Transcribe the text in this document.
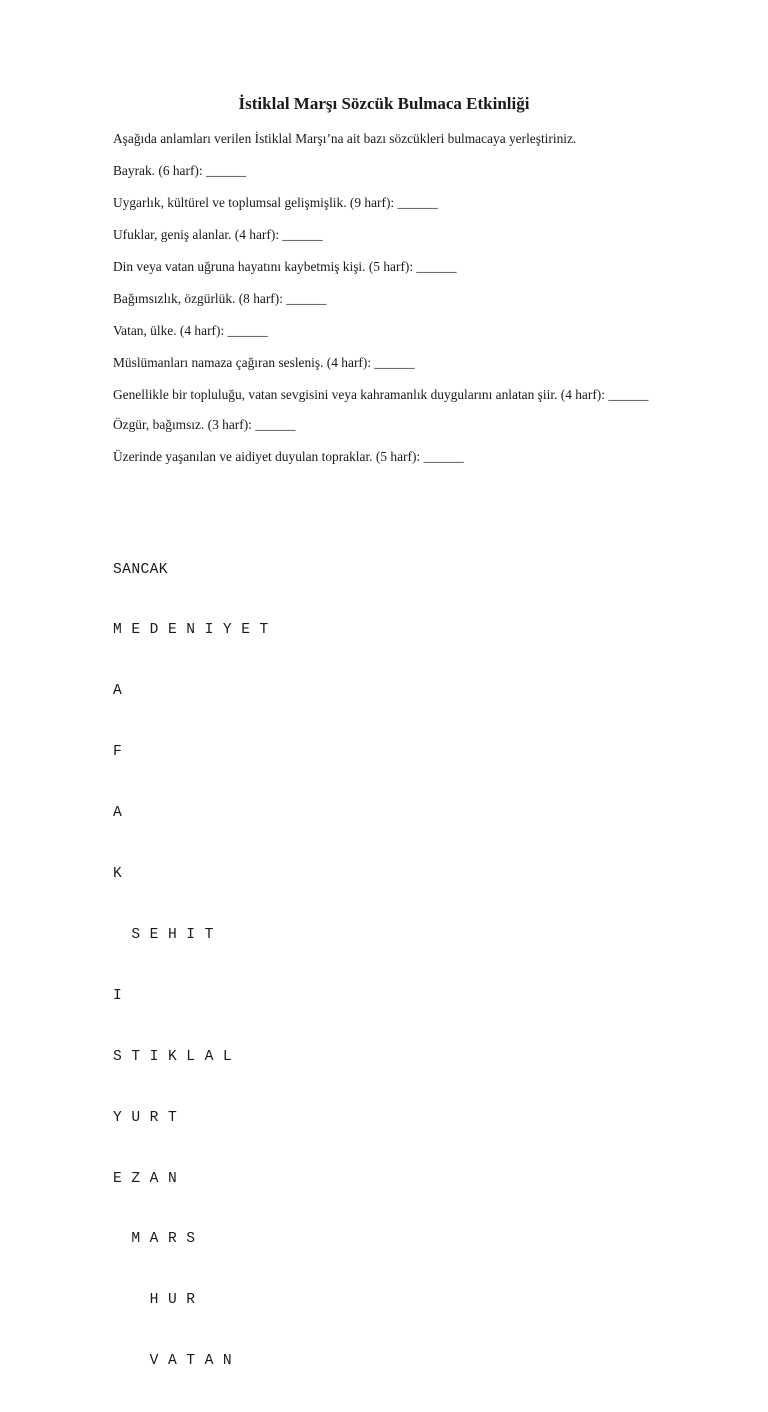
İstiklal Marşı Sözcük Bulmaca Etkinliği

Aşağıda anlamları verilen İstiklal Marşı’na ait bazı sözcükleri bulmacaya yerleştiriniz.

Bayrak. (6 harf): ______
Uygarlık, kültürel ve toplumsal gelişmişlik. (9 harf): ______
Ufuklar, geniş alanlar. (4 harf): ______
Din veya vatan uğruna hayatını kaybetmiş kişi. (5 harf): ______
Bağımsızlık, özgürlük. (8 harf): ______
Vatan, ülke. (4 harf): ______
Müslümanları namaza çağıran sesleniş. (4 harf): ______
Genellikle bir topluluğu, vatan sevgisini veya kahramanlık duygularını anlatan şiir. (4 harf): ______
Özgür, bağımsız. (3 harf): ______
Üzerinde yaşanılan ve aidiyet duyulan topraklar. (5 harf): ______

SANCAK

M E D E N I Y E T

A

F

A

K

S E H I T

I

S T I K L A L

Y U R T

E Z A N

M A R S

H U R

V A T A N
